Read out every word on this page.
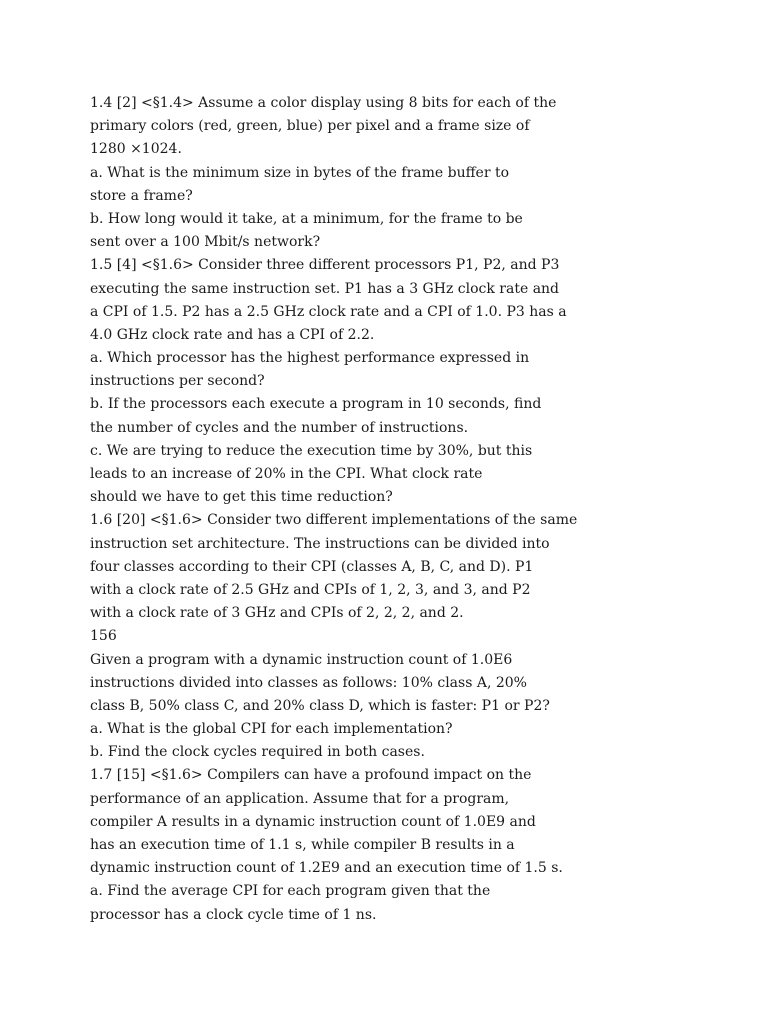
1.4 [2] <§1.4> Assume a color display using 8 bits for each of the
primary colors (red, green, blue) per pixel and a frame size of
1280 ×1024.
a. What is the minimum size in bytes of the frame buffer to
store a frame?
b. How long would it take, at a minimum, for the frame to be
sent over a 100 Mbit/s network?
1.5 [4] <§1.6> Consider three different processors P1, P2, and P3
executing the same instruction set. P1 has a 3 GHz clock rate and
a CPI of 1.5. P2 has a 2.5 GHz clock rate and a CPI of 1.0. P3 has a
4.0 GHz clock rate and has a CPI of 2.2.
a. Which processor has the highest performance expressed in
instructions per second?
b. If the processors each execute a program in 10 seconds, find
the number of cycles and the number of instructions.
c. We are trying to reduce the execution time by 30%, but this
leads to an increase of 20% in the CPI. What clock rate
should we have to get this time reduction?
1.6 [20] <§1.6> Consider two different implementations of the same
instruction set architecture. The instructions can be divided into
four classes according to their CPI (classes A, B, C, and D). P1
with a clock rate of 2.5 GHz and CPIs of 1, 2, 3, and 3, and P2
with a clock rate of 3 GHz and CPIs of 2, 2, 2, and 2.
156
Given a program with a dynamic instruction count of 1.0E6
instructions divided into classes as follows: 10% class A, 20%
class B, 50% class C, and 20% class D, which is faster: P1 or P2?
a. What is the global CPI for each implementation?
b. Find the clock cycles required in both cases.
1.7 [15] <§1.6> Compilers can have a profound impact on the
performance of an application. Assume that for a program,
compiler A results in a dynamic instruction count of 1.0E9 and
has an execution time of 1.1 s, while compiler B results in a
dynamic instruction count of 1.2E9 and an execution time of 1.5 s.
a. Find the average CPI for each program given that the
processor has a clock cycle time of 1 ns.
